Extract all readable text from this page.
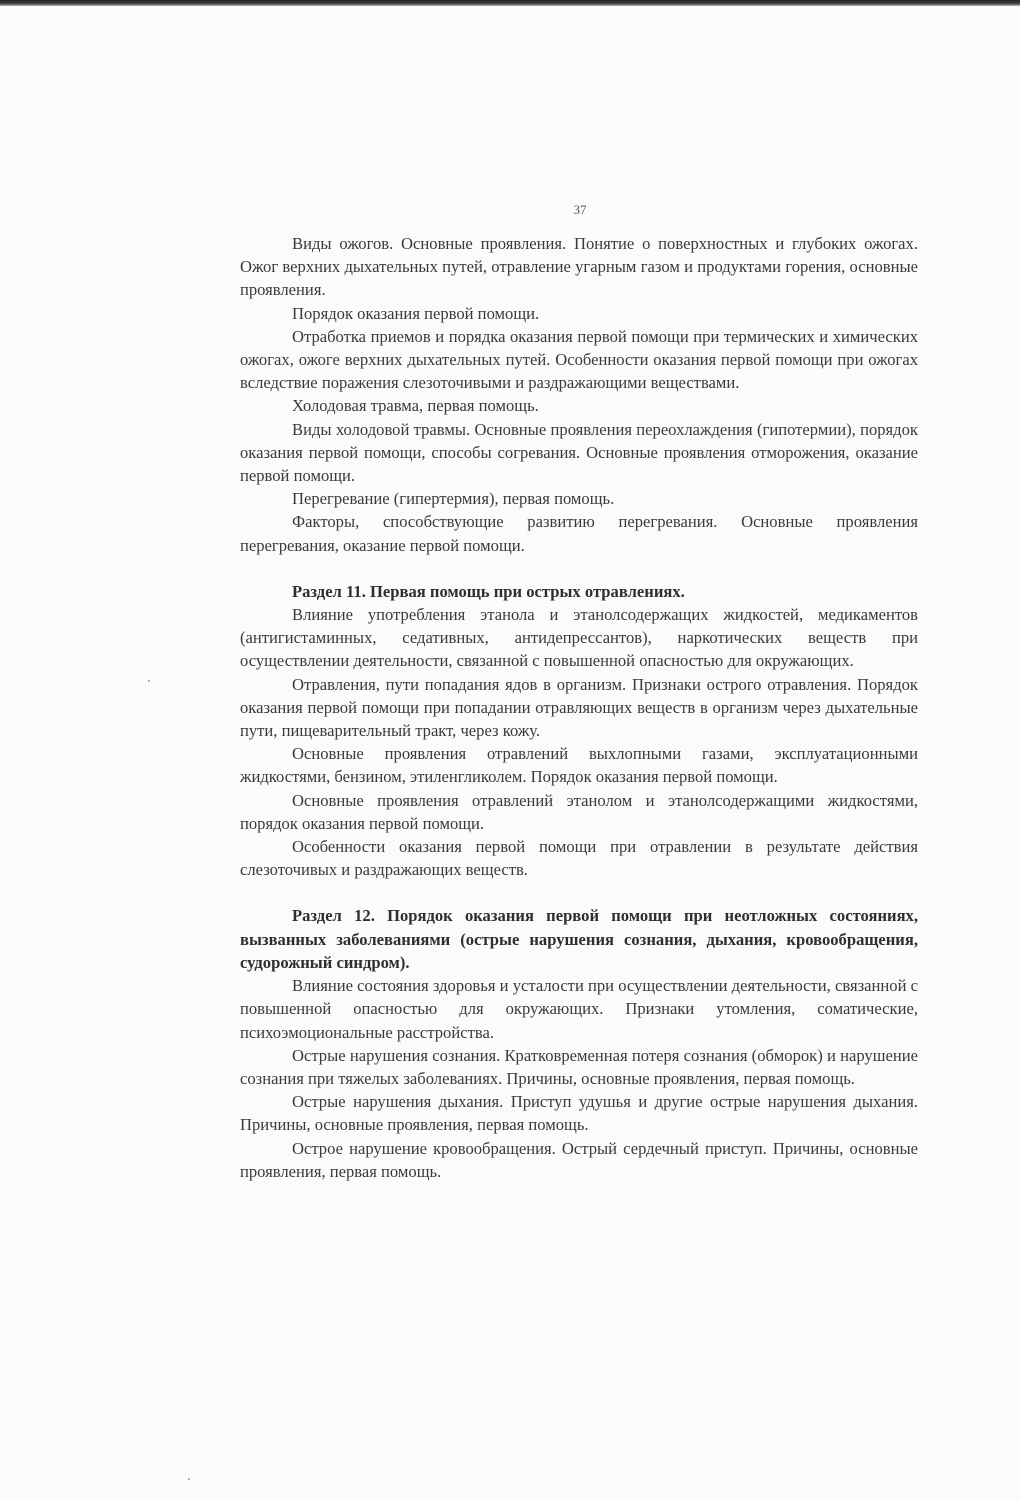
37

Виды ожогов. Основные проявления. Понятие о поверхностных и глубоких ожогах. Ожог верхних дыхательных путей, отравление угарным газом и продуктами горения, основные проявления.

Порядок оказания первой помощи.

Отработка приемов и порядка оказания первой помощи при термических и химических ожогах, ожоге верхних дыхательных путей. Особенности оказания первой помощи при ожогах вследствие поражения слезоточивыми и раздражающими веществами.

Холодовая травма, первая помощь.

Виды холодовой травмы. Основные проявления переохлаждения (гипотермии), порядок оказания первой помощи, способы согревания. Основные проявления отморожения, оказание первой помощи.

Перегревание (гипертермия), первая помощь.

Факторы, способствующие развитию перегревания. Основные проявления перегревания, оказание первой помощи.

Раздел 11. Первая помощь при острых отравлениях.

Влияние употребления этанола и этанолсодержащих жидкостей, медикаментов (антигистаминных, седативных, антидепрессантов), наркотических веществ при осуществлении деятельности, связанной с повышенной опасностью для окружающих.

Отравления, пути попадания ядов в организм. Признаки острого отравления. Порядок оказания первой помощи при попадании отравляющих веществ в организм через дыхательные пути, пищеварительный тракт, через кожу.

Основные проявления отравлений выхлопными газами, эксплуатационными жидкостями, бензином, этиленгликолем. Порядок оказания первой помощи.

Основные проявления отравлений этанолом и этанолсодержащими жидкостями, порядок оказания первой помощи.

Особенности оказания первой помощи при отравлении в результате действия слезоточивых и раздражающих веществ.

Раздел 12. Порядок оказания первой помощи при неотложных состояниях, вызванных заболеваниями (острые нарушения сознания, дыхания, кровообращения, судорожный синдром).

Влияние состояния здоровья и усталости при осуществлении деятельности, связанной с повышенной опасностью для окружающих. Признаки утомления, соматические, психоэмоциональные расстройства.

Острые нарушения сознания. Кратковременная потеря сознания (обморок) и нарушение сознания при тяжелых заболеваниях. Причины, основные проявления, первая помощь.

Острые нарушения дыхания. Приступ удушья и другие острые нарушения дыхания. Причины, основные проявления, первая помощь.

Острое нарушение кровообращения. Острый сердечный приступ. Причины, основные проявления, первая помощь.
